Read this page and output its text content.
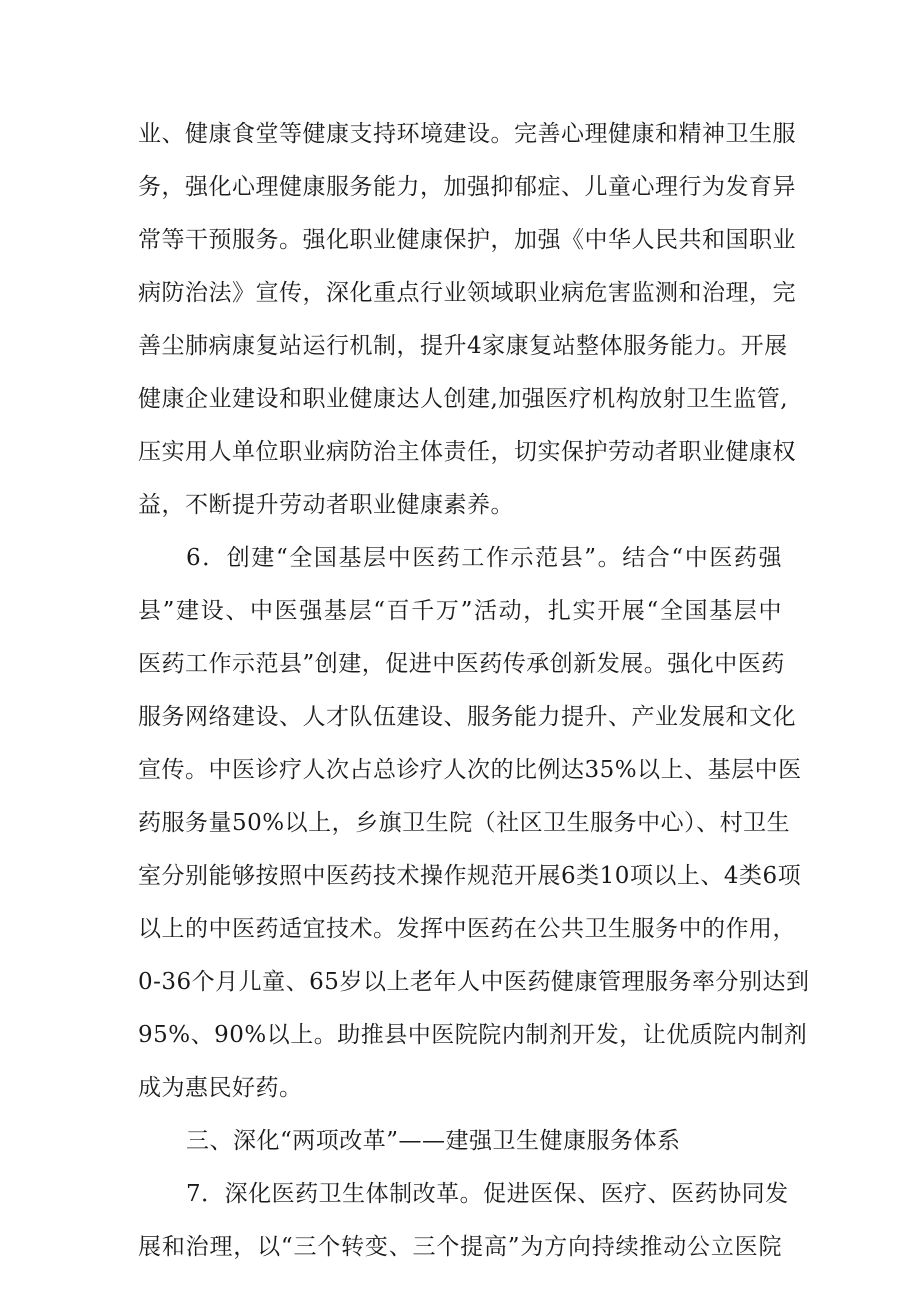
业、健康食堂等健康支持环境建设。完善心理健康和精神卫生服
务，强化心理健康服务能力，加强抑郁症、儿童心理行为发育异
常等干预服务。强化职业健康保护，加强《中华人民共和国职业
病防治法》宣传，深化重点行业领域职业病危害监测和治理，完
善尘肺病康复站运行机制，提升4家康复站整体服务能力。开展
健康企业建设和职业健康达人创建,加强医疗机构放射卫生监管,
压实用人单位职业病防治主体责任，切实保护劳动者职业健康权
益，不断提升劳动者职业健康素养。
6．创建“全国基层中医药工作示范县”。结合“中医药强
县”建设、中医强基层“百千万”活动，扎实开展“全国基层中
医药工作示范县”创建，促进中医药传承创新发展。强化中医药
服务网络建设、人才队伍建设、服务能力提升、产业发展和文化
宣传。中医诊疗人次占总诊疗人次的比例达35%以上、基层中医
药服务量50%以上，乡旗卫生院（社区卫生服务中心）、村卫生
室分别能够按照中医药技术操作规范开展6类10项以上、4类6项
以上的中医药适宜技术。发挥中医药在公共卫生服务中的作用，
0-36个月儿童、65岁以上老年人中医药健康管理服务率分别达到
95%、90%以上。助推县中医院院内制剂开发，让优质院内制剂
成为惠民好药。
三、深化“两项改革”——建强卫生健康服务体系
7．深化医药卫生体制改革。促进医保、医疗、医药协同发
展和治理，以“三个转变、三个提高”为方向持续推动公立医院
